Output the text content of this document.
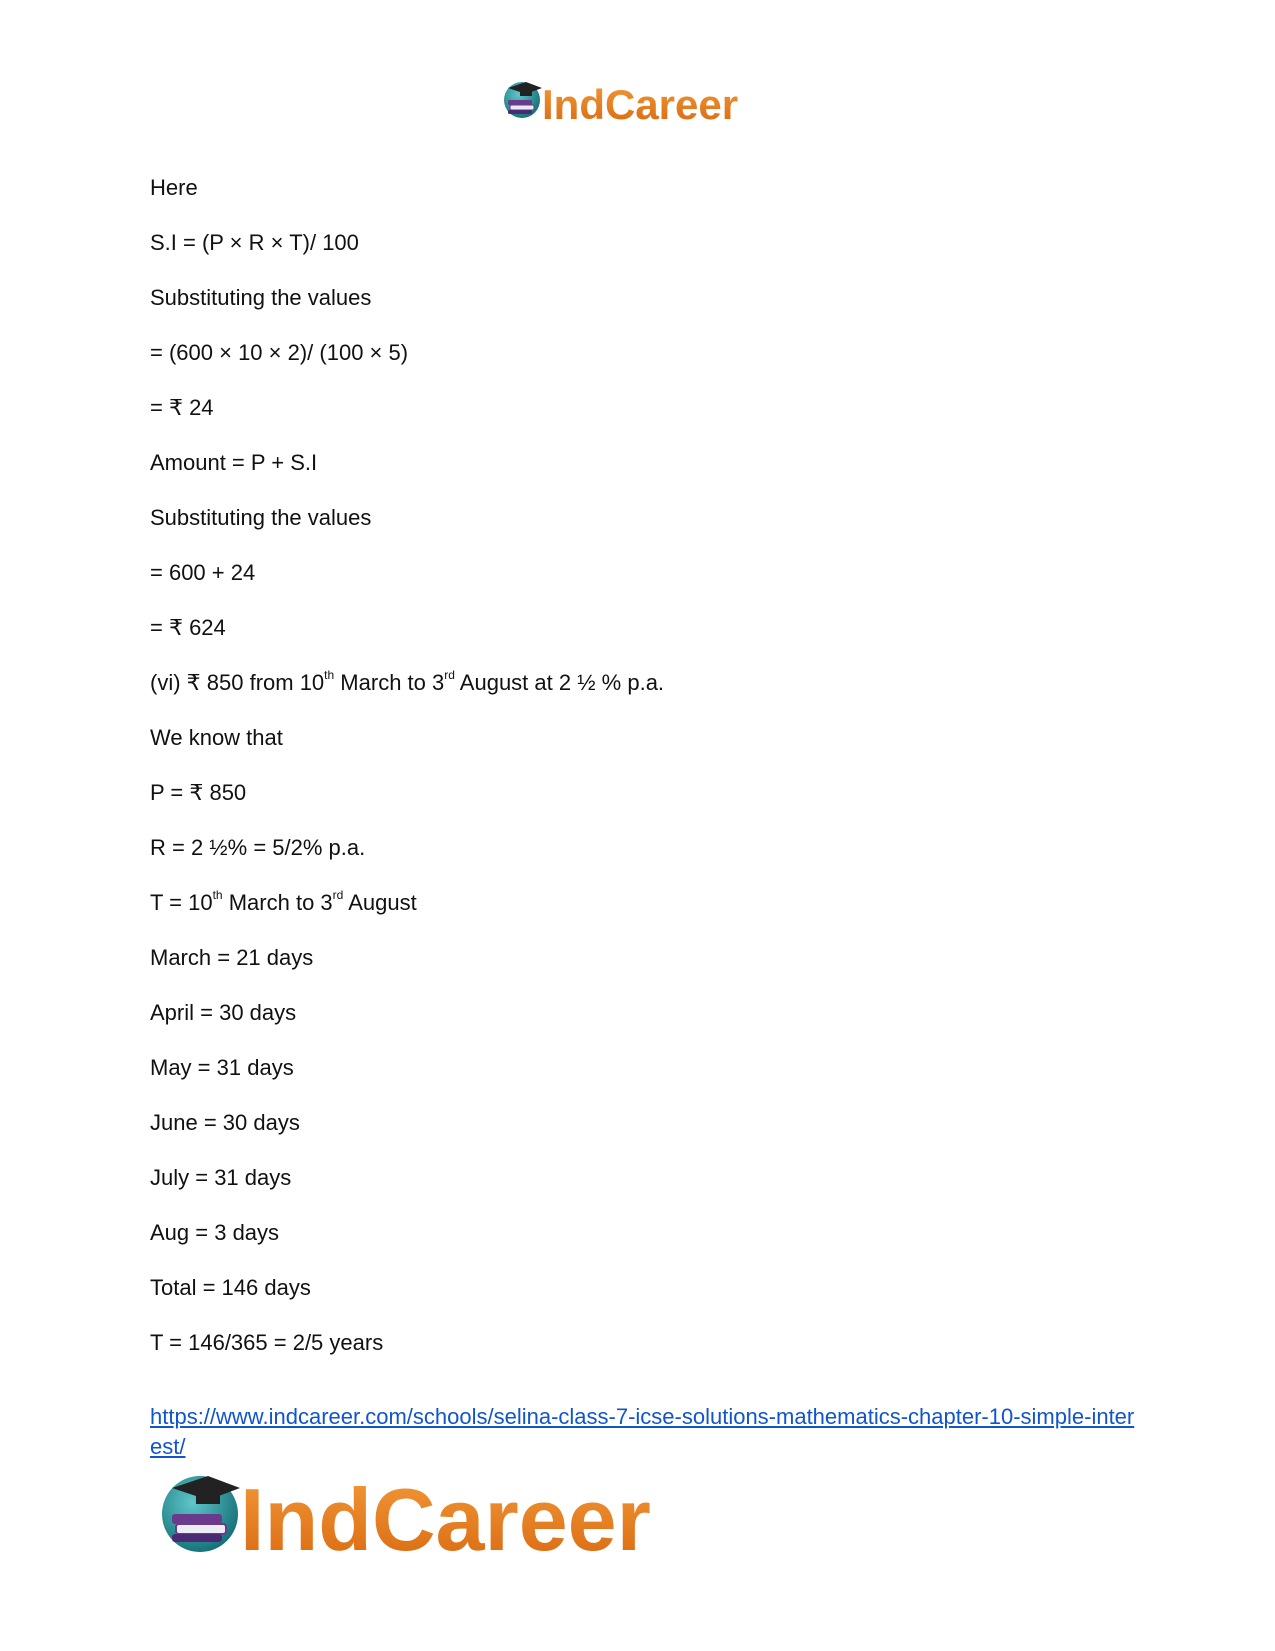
IndCareer
Here
S.I = (P × R × T)/ 100
Substituting the values
= (600 × 10 × 2)/ (100 × 5)
= ₹ 24
Amount = P + S.I
Substituting the values
= 600 + 24
= ₹ 624
(vi) ₹ 850 from 10th March to 3rd August at 2 ½ % p.a.
We know that
P = ₹ 850
R = 2 ½% = 5/2% p.a.
T = 10th March to 3rd August
March = 21 days
April = 30 days
May = 31 days
June = 30 days
July = 31 days
Aug = 3 days
Total = 146 days
T = 146/365 = 2/5 years
https://www.indcareer.com/schools/selina-class-7-icse-solutions-mathematics-chapter-10-simple-interest/
IndCareer
